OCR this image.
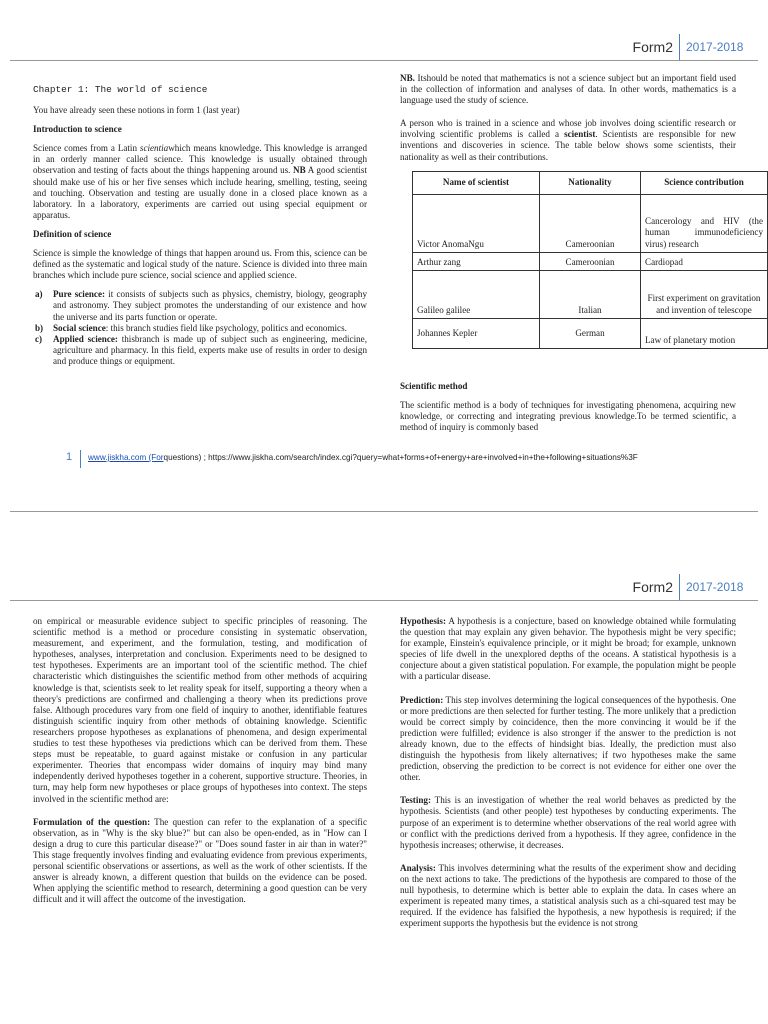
Form2	2017-2018
Chapter 1: The world of science

You have already seen these notions in form 1 (last year)

Introduction to science

Science comes from a Latin scientiawhich means knowledge. This knowledge is arranged in an orderly manner called science. This knowledge is usually obtained through observation and testing of facts about the things happening around us. NB A good scientist should make use of his or her five senses which include hearing, smelling, testing, seeing and touching. Observation and testing are usually done in a closed place known as a laboratory. In a laboratory, experiments are carried out using special equipment or apparatus.

Definition of science

Science is simple the knowledge of things that happen around us. From this, science can be defined as the systematic and logical study of the nature. Science is divided into three main branches which include pure science, social science and applied science.

a) Pure science: it consists of subjects such as physics, chemistry, biology, geography and astronomy. They subject promotes the understanding of our existence and how the universe and its parts function or operate.
b) Social science: this branch studies field like psychology, politics and economics.
c) Applied science: thisbranch is made up of subject such as engineering, medicine, agriculture and pharmacy. In this field, experts make use of results in order to design and produce things or equipment.

NB. Itshould be noted that mathematics is not a science subject but an important field used in the collection of information and analyses of data. In other words, mathematics is a language used the study of science.

A person who is trained in a science and whose job involves doing scientific research or involving scientific problems is called a scientist. Scientists are responsible for new inventions and discoveries in science. The table below shows some scientists, their nationality as well as their contributions.

Name of scientist	Nationality	Science contribution
Victor AnomaNgu	Cameroonian	Cancerology and HIV (the human immunodeficiency virus) research
Arthur zang	Cameroonian	Cardiopad
Galileo galilee	Italian	First experiment on gravitation and invention of telescope
Johannes Kepler	German	Law of planetary motion

Scientific method

The scientific method is a body of techniques for investigating phenomena, acquiring new knowledge, or correcting and integrating previous knowledge.To be termed scientific, a method of inquiry is commonly based

1 www.jiskha.com (Forquestions) ; https://www.jiskha.com/search/index.cgi?query=what+forms+of+energy+are+involved+in+the+following+situations%3F
Form2	2017-2018

on empirical or measurable evidence subject to specific principles of reasoning. The scientific method is a method or procedure consisting in systematic observation, measurement, and experiment, and the formulation, testing, and modification of hypotheses, analyses, interpretation and conclusion. Experiments need to be designed to test hypotheses. Experiments are an important tool of the scientific method. The chief characteristic which distinguishes the scientific method from other methods of acquiring knowledge is that, scientists seek to let reality speak for itself, supporting a theory when a theory's predictions are confirmed and challenging a theory when its predictions prove false. Although procedures vary from one field of inquiry to another, identifiable features distinguish scientific inquiry from other methods of obtaining knowledge. Scientific researchers propose hypotheses as explanations of phenomena, and design experimental studies to test these hypotheses via predictions which can be derived from them. These steps must be repeatable, to guard against mistake or confusion in any particular experimenter. Theories that encompass wider domains of inquiry may bind many independently derived hypotheses together in a coherent, supportive structure. Theories, in turn, may help form new hypotheses or place groups of hypotheses into context. The steps involved in the scientific method are:

Formulation of the question: The question can refer to the explanation of a specific observation, as in "Why is the sky blue?" but can also be open-ended, as in "How can I design a drug to cure this particular disease?" or "Does sound faster in air than in water?" This stage frequently involves finding and evaluating evidence from previous experiments, personal scientific observations or assertions, as well as the work of other scientists. If the answer is already known, a different question that builds on the evidence can be posed. When applying the scientific method to research, determining a good question can be very difficult and it will affect the outcome of the investigation.

Hypothesis: A hypothesis is a conjecture, based on knowledge obtained while formulating the question that may explain any given behavior. The hypothesis might be very specific; for example, Einstein's equivalence principle, or it might be broad; for example, unknown species of life dwell in the unexplored depths of the oceans. A statistical hypothesis is a conjecture about a given statistical population. For example, the population might be people with a particular disease.

Prediction: This step involves determining the logical consequences of the hypothesis. One or more predictions are then selected for further testing. The more unlikely that a prediction would be correct simply by coincidence, then the more convincing it would be if the prediction were fulfilled; evidence is also stronger if the answer to the prediction is not already known, due to the effects of hindsight bias. Ideally, the prediction must also distinguish the hypothesis from likely alternatives; if two hypotheses make the same prediction, observing the prediction to be correct is not evidence for either one over the other.

Testing: This is an investigation of whether the real world behaves as predicted by the hypothesis. Scientists (and other people) test hypotheses by conducting experiments. The purpose of an experiment is to determine whether observations of the real world agree with or conflict with the predictions derived from a hypothesis. If they agree, confidence in the hypothesis increases; otherwise, it decreases.

Analysis: This involves determining what the results of the experiment show and deciding on the next actions to take. The predictions of the hypothesis are compared to those of the null hypothesis, to determine which is better able to explain the data. In cases where an experiment is repeated many times, a statistical analysis such as a chi-squared test may be required. If the evidence has falsified the hypothesis, a new hypothesis is required; if the experiment supports the hypothesis but the evidence is not strong
